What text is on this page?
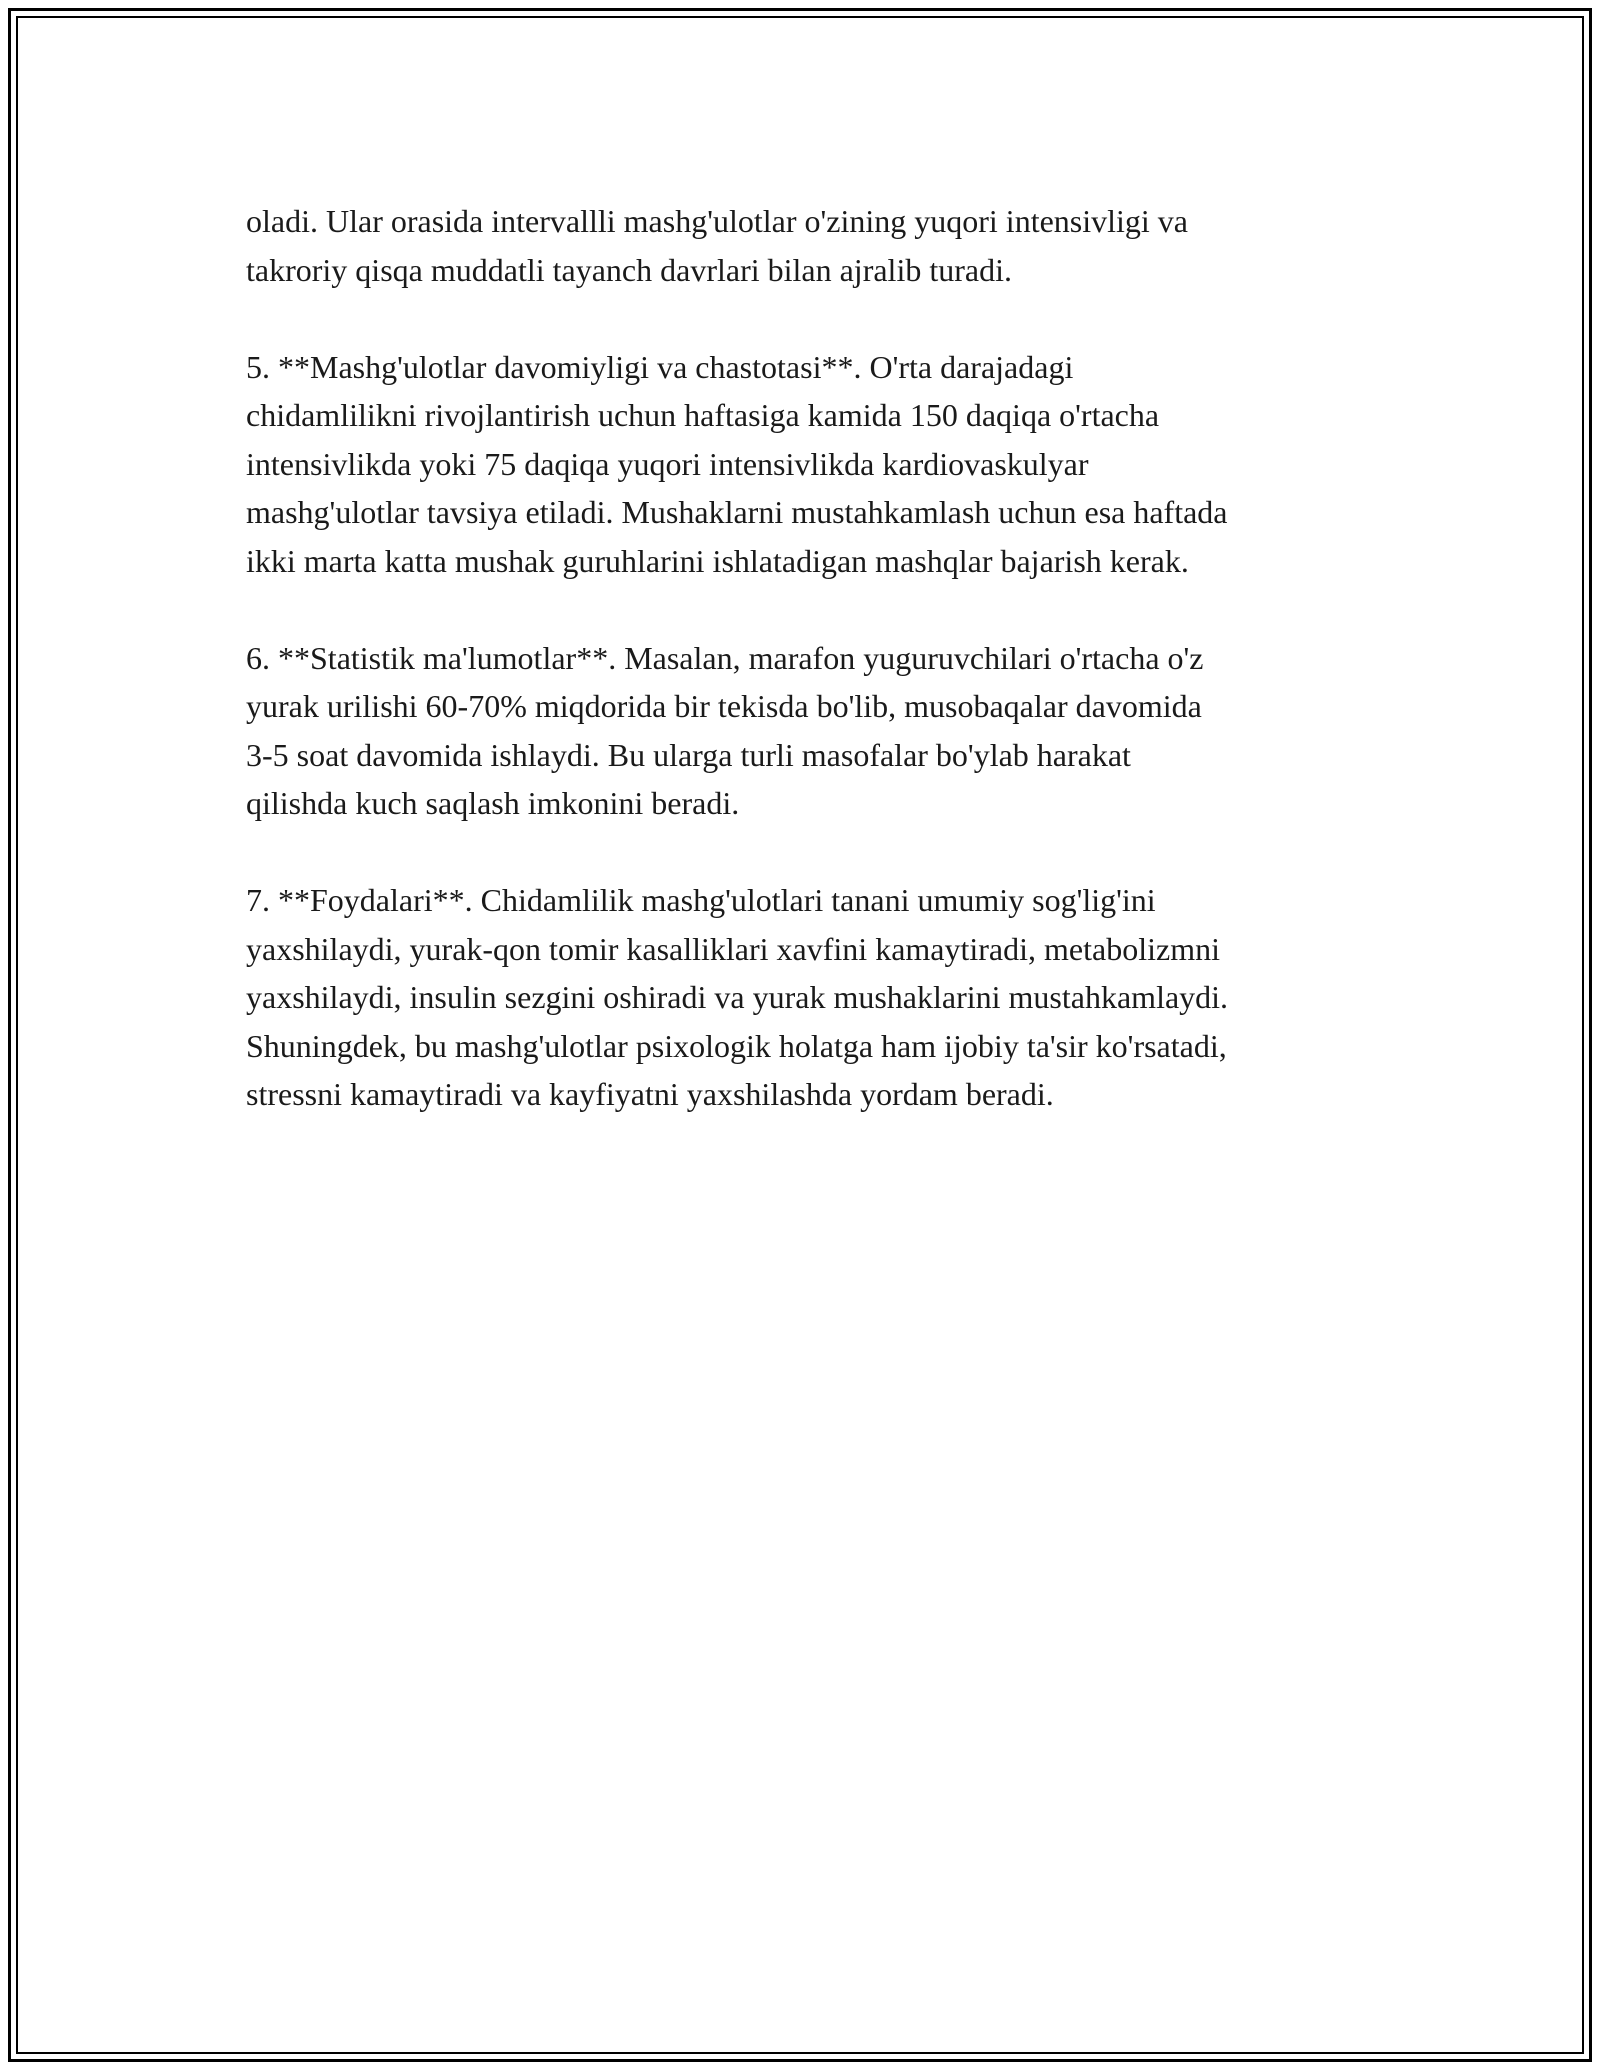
oladi. Ular orasida intervallli mashg'ulotlar o'zining yuqori intensivligi va
takroriy qisqa muddatli tayanch davrlari bilan ajralib turadi.

5. **Mashg'ulotlar davomiyligi va chastotasi**. O'rta darajadagi
chidamlilikni rivojlantirish uchun haftasiga kamida 150 daqiqa o'rtacha
intensivlikda yoki 75 daqiqa yuqori intensivlikda kardiovaskulyar
mashg'ulotlar tavsiya etiladi. Mushaklarni mustahkamlash uchun esa haftada
ikki marta katta mushak guruhlarini ishlatadigan mashqlar bajarish kerak.

6. **Statistik ma'lumotlar**. Masalan, marafon yuguruvchilari o'rtacha o'z
yurak urilishi 60-70% miqdorida bir tekisda bo'lib, musobaqalar davomida
3-5 soat davomida ishlaydi. Bu ularga turli masofalar bo'ylab harakat
qilishda kuch saqlash imkonini beradi.

7. **Foydalari**. Chidamlilik mashg'ulotlari tanani umumiy sog'lig'ini
yaxshilaydi, yurak-qon tomir kasalliklari xavfini kamaytiradi, metabolizmni
yaxshilaydi, insulin sezgini oshiradi va yurak mushaklarini mustahkamlaydi.
Shuningdek, bu mashg'ulotlar psixologik holatga ham ijobiy ta'sir ko'rsatadi,
stressni kamaytiradi va kayfiyatni yaxshilashda yordam beradi.
